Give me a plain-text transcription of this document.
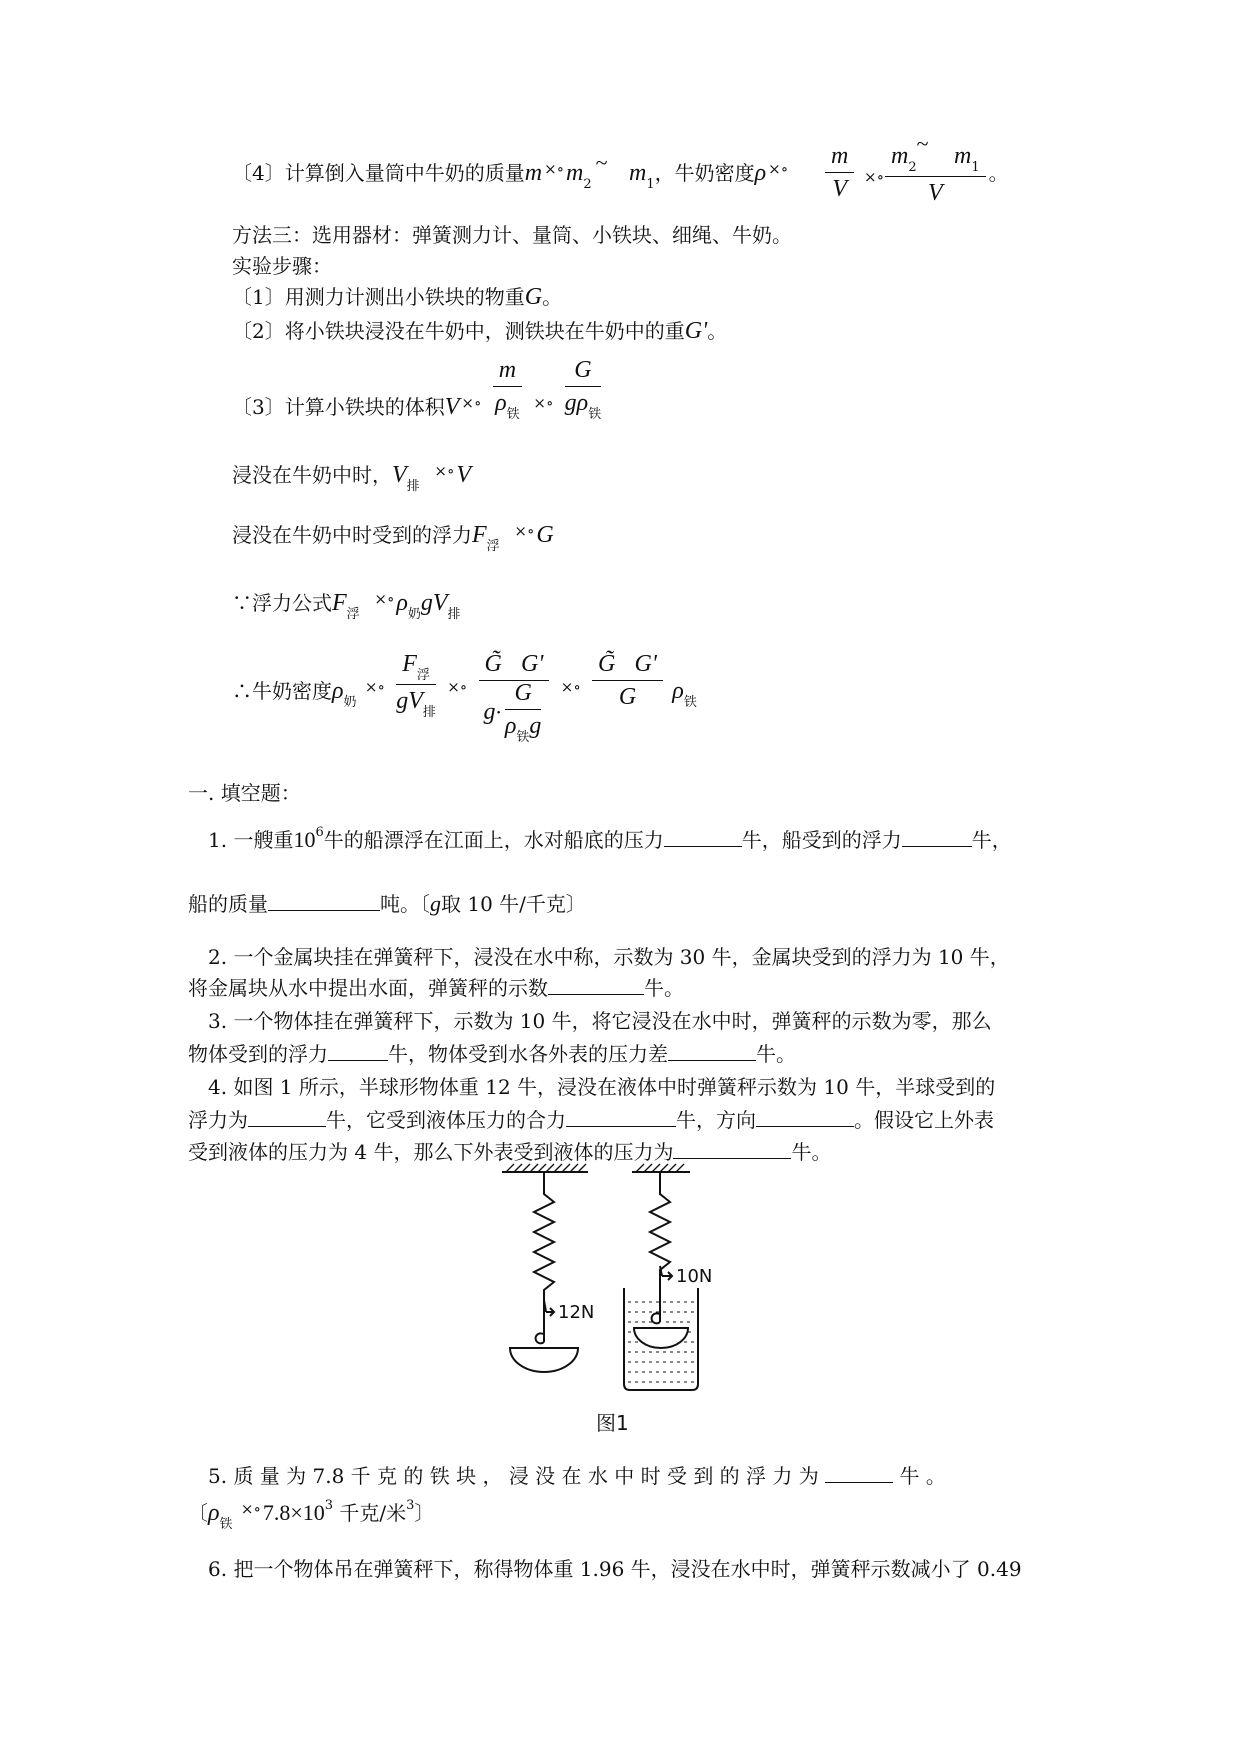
〔4〕计算倒入量筒中牛奶的质量m $^{\times\circ}m_2\sim$ $m_1$，牛奶密度ρ $^{\times\circ} \frac{m}{V} _{\times\circ} \frac{m_2\sim m_1}{V}$ 。
方法三：选用器材：弹簧测力计、量筒、小铁块、细绳、牛奶。
实验步骤：
〔1〕用测力计测出小铁块的物重G。
〔2〕将小铁块浸没在牛奶中，测铁块在牛奶中的重G'。
〔3〕计算小铁块的体积V $_{\times\circ} \frac{m}{\rho_铁} _{\times\circ} \frac{G}{g\rho_铁}$
浸没在牛奶中时，$V_排$  ×∘V
浸没在牛奶中时受到的浮力$F_浮$  ×∘G
∵浮力公式$F_浮$  $^{\times\circ}\rho_奶gV_排$
∴牛奶密度$\rho_奶$ $_{\times\circ} \frac{F_浮}{gV_排} _{\times\circ} \frac{G̃ G'}{g\cdot \frac{G}{\rho_铁g}} _{\times\circ} \frac{G̃ G'}{G} \rho_铁$
一. 填空题：
1. 一艘重$10^6$牛的船漂浮在江面上，水对船底的压力	牛，船受到的浮力	牛，
船的质量	吨。〔g取 10 牛/千克〕
2. 一个金属块挂在弹簧秤下，浸没在水中称，示数为 30 牛，金属块受到的浮力为 10 牛，
将金属块从水中提出水面，弹簧秤的示数	牛。
3. 一个物体挂在弹簧秤下，示数为 10 牛，将它浸没在水中时，弹簧秤的示数为零，那么
物体受到的浮力	牛，物体受到水各外表的压力差	牛。
4. 如图 1 所示，半球形物体重 12 牛，浸没在液体中时弹簧秤示数为 10 牛，半球受到的
浮力为	牛，它受到液体压力的合力	牛，方向	。假设它上外表
受到液体的压力为 4 牛，那么下外表受到液体的压力为	牛。
12N
10N
图1
5. 质 量 为 7.8 千 克 的 铁 块 ， 浸 没 在 水 中 时 受 到 的 浮 力 为	牛 。
〔$\rho_铁$ $^{\times\circ}7.8\times 10^3$ 千克/米$^3$〕
6. 把一个物体吊在弹簧秤下，称得物体重 1.96 牛，浸没在水中时，弹簧秤示数减小了 0.49
